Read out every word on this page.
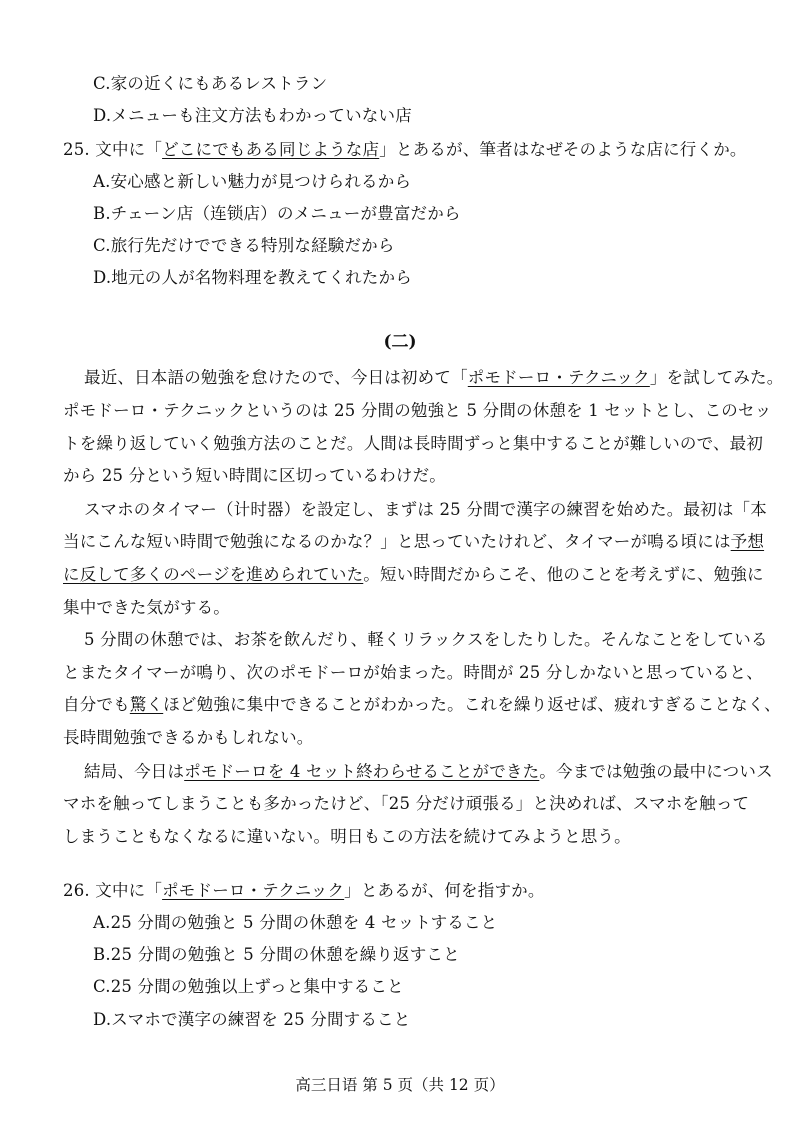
C.家の近くにもあるレストラン
D.メニューも注文方法もわかっていない店
25. 文中に「どこにでもある同じような店」とあるが、筆者はなぜそのような店に行くか。
A.安心感と新しい魅力が見つけられるから
B.チェーン店（连锁店）のメニューが豊富だから
C.旅行先だけでできる特別な経験だから
D.地元の人が名物料理を教えてくれたから
(二)
最近、日本語の勉強を怠けたので、今日は初めて「ポモドーロ・テクニック」を試してみた。
ポモドーロ・テクニックというのは 25 分間の勉強と 5 分間の休憩を 1 セットとし、このセッ
トを繰り返していく勉強方法のことだ。人間は長時間ずっと集中することが難しいので、最初
から 25 分という短い時間に区切っているわけだ。
スマホのタイマー（计时器）を設定し、まずは 25 分間で漢字の練習を始めた。最初は「本
当にこんな短い時間で勉強になるのかな？」と思っていたけれど、タイマーが鳴る頃には予想
に反して多くのページを進められていた。短い時間だからこそ、他のことを考えずに、勉強に
集中できた気がする。
5 分間の休憩では、お茶を飲んだり、軽くリラックスをしたりした。そんなことをしている
とまたタイマーが鳴り、次のポモドーロが始まった。時間が 25 分しかないと思っていると、
自分でも驚くほど勉強に集中できることがわかった。これを繰り返せば、疲れすぎることなく、
長時間勉強できるかもしれない。
結局、今日はポモドーロを 4 セット終わらせることができた。今までは勉強の最中についス
マホを触ってしまうことも多かったけど、「25 分だけ頑張る」と決めれば、スマホを触って
しまうこともなくなるに違いない。明日もこの方法を続けてみようと思う。
26. 文中に「ポモドーロ・テクニック」とあるが、何を指すか。
A.25 分間の勉強と 5 分間の休憩を 4 セットすること
B.25 分間の勉強と 5 分間の休憩を繰り返すこと
C.25 分間の勉強以上ずっと集中すること
D.スマホで漢字の練習を 25 分間すること
高三日语 第 5 页（共 12 页）
